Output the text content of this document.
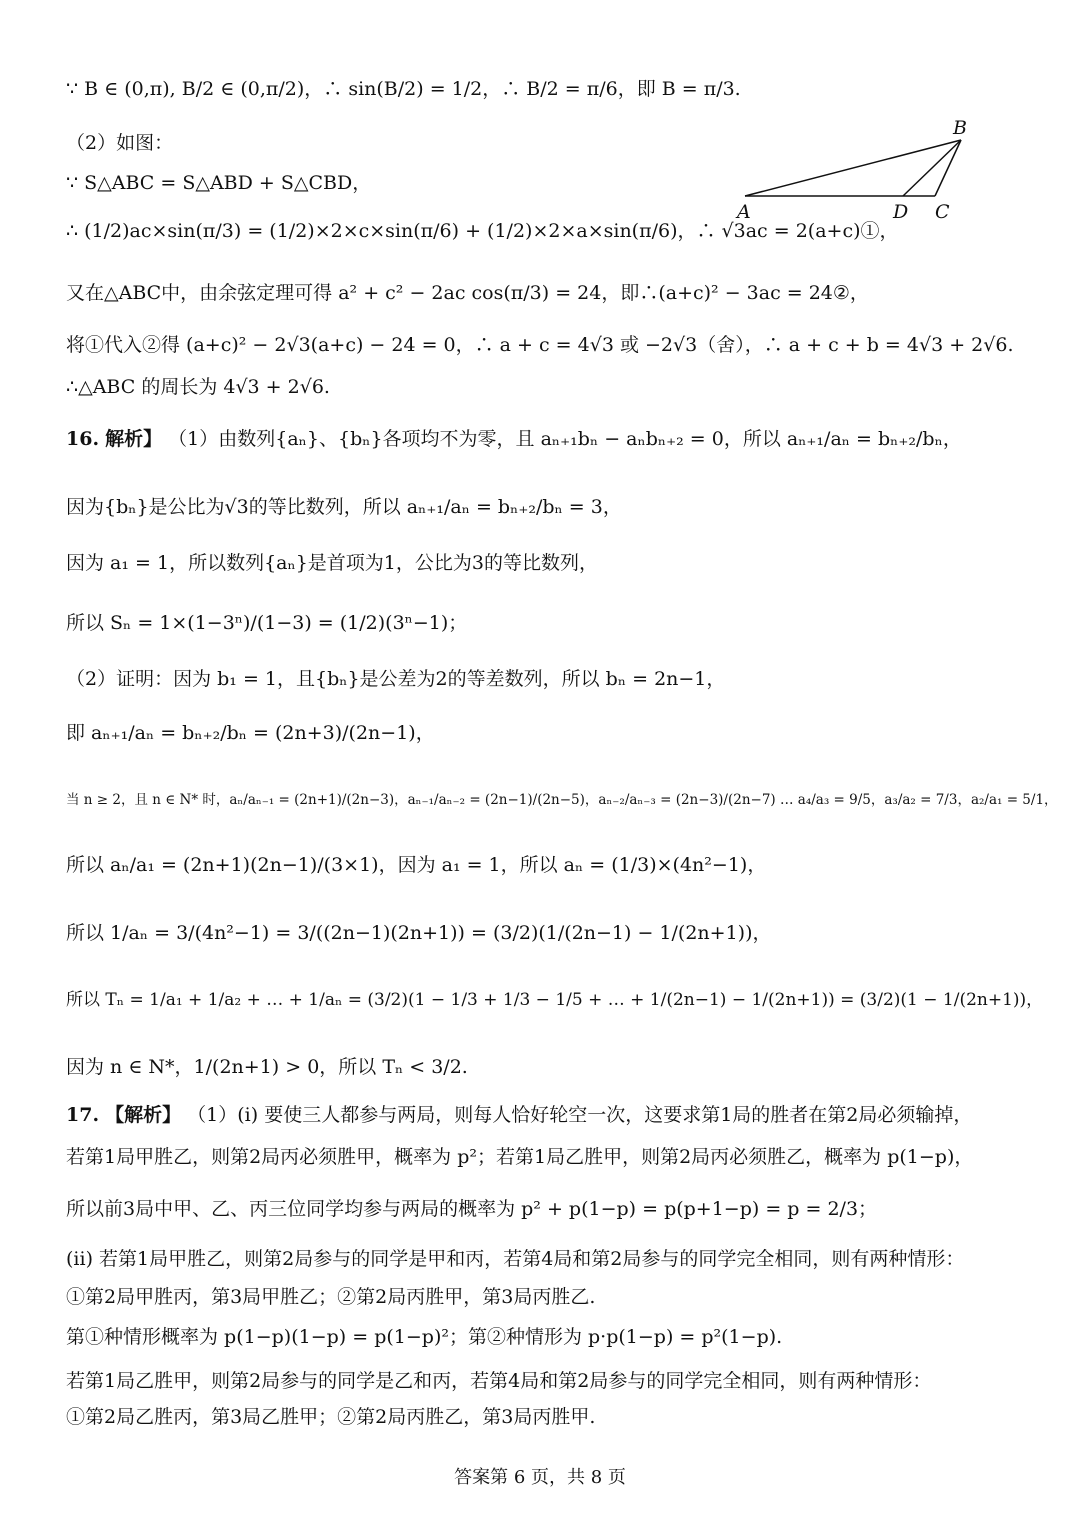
A
B
D C
∵ B ∈ (0,π), B/2 ∈ (0,π/2)，∴ sin(B/2) = 1/2，∴ B/2 = π/6，即 B = π/3.
（2）如图：
∵ S△ABC = S△ABD + S△CBD，
∴ (1/2)ac×sin(π/3) = (1/2)×2×c×sin(π/6) + (1/2)×2×a×sin(π/6)，∴ √3ac = 2(a+c)①，
又在△ABC中，由余弦定理可得 a² + c² − 2ac cos(π/3) = 24，即∴(a+c)² − 3ac = 24②，
将①代入②得 (a+c)² − 2√3(a+c) − 24 = 0，∴ a + c = 4√3 或 −2√3（舍），∴ a + c + b = 4√3 + 2√6.
∴△ABC 的周长为 4√3 + 2√6.
16. 解析】 （1）由数列{aₙ}、{bₙ}各项均不为零，且 aₙ₊₁bₙ − aₙbₙ₊₂ = 0，所以 aₙ₊₁/aₙ = bₙ₊₂/bₙ，
因为{bₙ}是公比为√3的等比数列，所以 aₙ₊₁/aₙ = bₙ₊₂/bₙ = 3，
因为 a₁ = 1，所以数列{aₙ}是首项为1，公比为3的等比数列，
所以 Sₙ = 1×(1−3ⁿ)/(1−3) = (1/2)(3ⁿ−1)；
（2）证明：因为 b₁ = 1，且{bₙ}是公差为2的等差数列，所以 bₙ = 2n−1，
即 aₙ₊₁/aₙ = bₙ₊₂/bₙ = (2n+3)/(2n−1)，
当 n ≥ 2，且 n ∈ N* 时，aₙ/aₙ₋₁ = (2n+1)/(2n−3)，aₙ₋₁/aₙ₋₂ = (2n−1)/(2n−5)，aₙ₋₂/aₙ₋₃ = (2n−3)/(2n−7) … a₄/a₃ = 9/5，a₃/a₂ = 7/3，a₂/a₁ = 5/1，
所以 aₙ/a₁ = (2n+1)(2n−1)/(3×1)，因为 a₁ = 1，所以 aₙ = (1/3)×(4n²−1)，
所以 1/aₙ = 3/(4n²−1) = 3/((2n−1)(2n+1)) = (3/2)(1/(2n−1) − 1/(2n+1))，
所以 Tₙ = 1/a₁ + 1/a₂ + … + 1/aₙ = (3/2)(1 − 1/3 + 1/3 − 1/5 + … + 1/(2n−1) − 1/(2n+1)) = (3/2)(1 − 1/(2n+1))，
因为 n ∈ N*，1/(2n+1) > 0，所以 Tₙ < 3/2.
17. 【解析】 （1）(i) 要使三人都参与两局，则每人恰好轮空一次，这要求第1局的胜者在第2局必须输掉，
若第1局甲胜乙，则第2局丙必须胜甲，概率为 p²；若第1局乙胜甲，则第2局丙必须胜乙，概率为 p(1−p)，
所以前3局中甲、乙、丙三位同学均参与两局的概率为 p² + p(1−p) = p(p+1−p) = p = 2/3；
(ii) 若第1局甲胜乙，则第2局参与的同学是甲和丙，若第4局和第2局参与的同学完全相同，则有两种情形：
①第2局甲胜丙，第3局甲胜乙；②第2局丙胜甲，第3局丙胜乙.
第①种情形概率为 p(1−p)(1−p) = p(1−p)²；第②种情形为 p·p(1−p) = p²(1−p).
若第1局乙胜甲，则第2局参与的同学是乙和丙，若第4局和第2局参与的同学完全相同，则有两种情形：
①第2局乙胜丙，第3局乙胜甲；②第2局丙胜乙，第3局丙胜甲.
答案第 6 页，共 8 页
